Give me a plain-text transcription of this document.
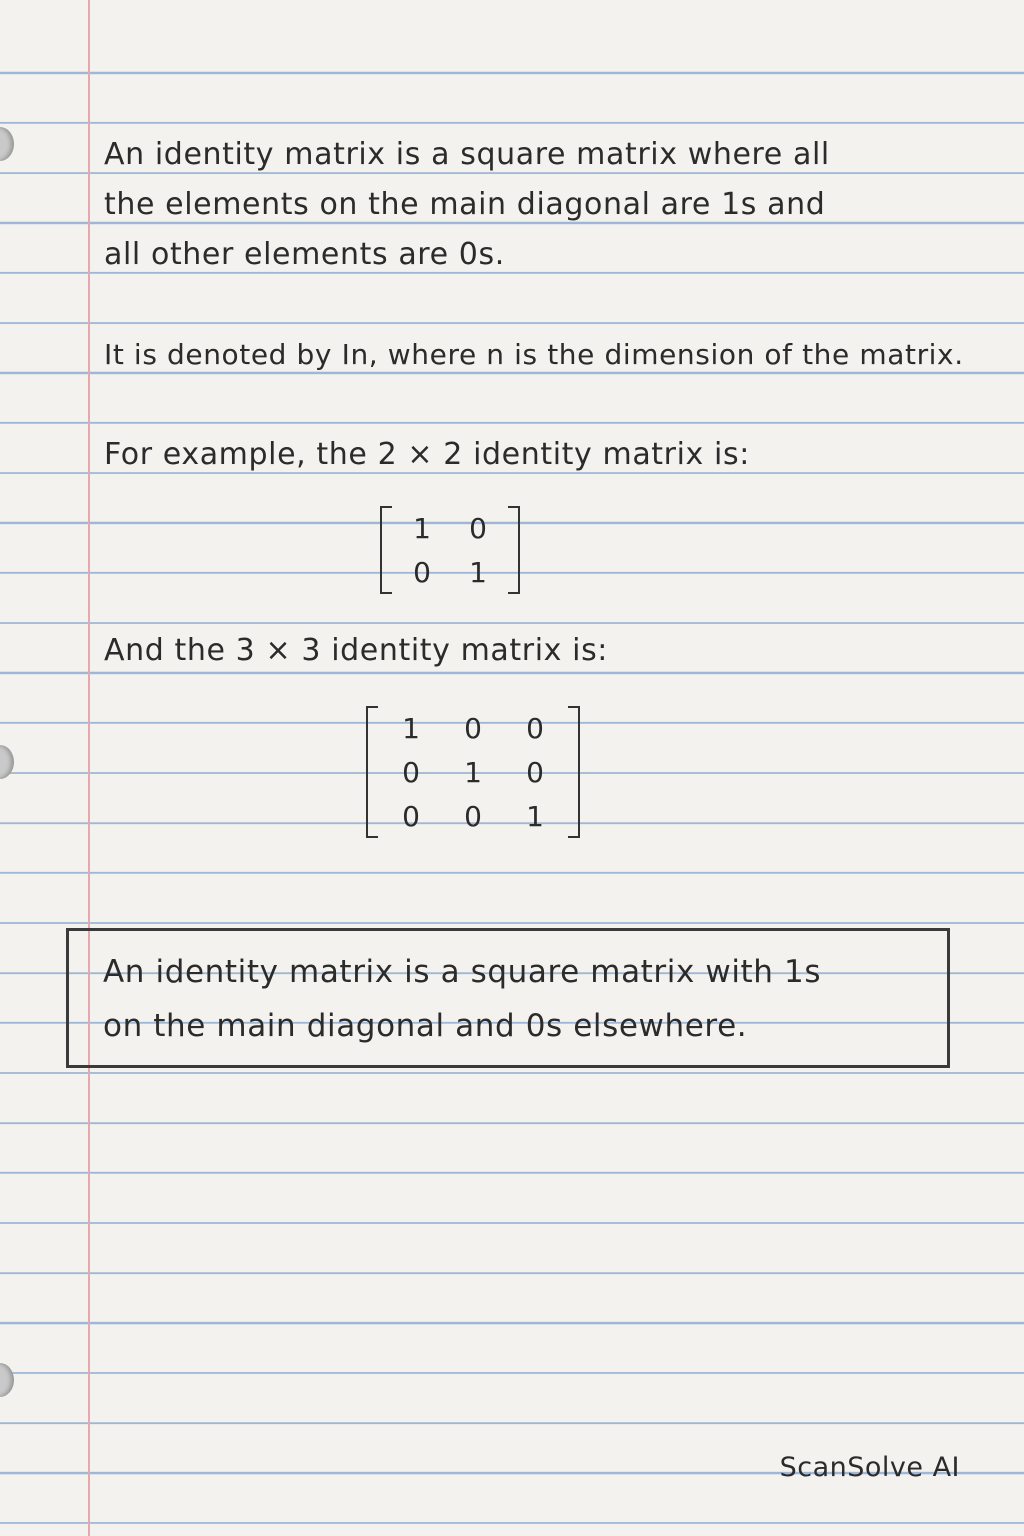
An identity matrix is a square matrix where all
the elements on the main diagonal are 1s and
all other elements are 0s.
It is denoted by In, where n is the dimension of the matrix.
For example, the 2 × 2 identity matrix is:
1	0
0	1
And the 3 × 3 identity matrix is:
1	0	0
0	1	0
0	0	1
An identity matrix is a square matrix with 1s
on the main diagonal and 0s elsewhere.
ScanSolve AI
